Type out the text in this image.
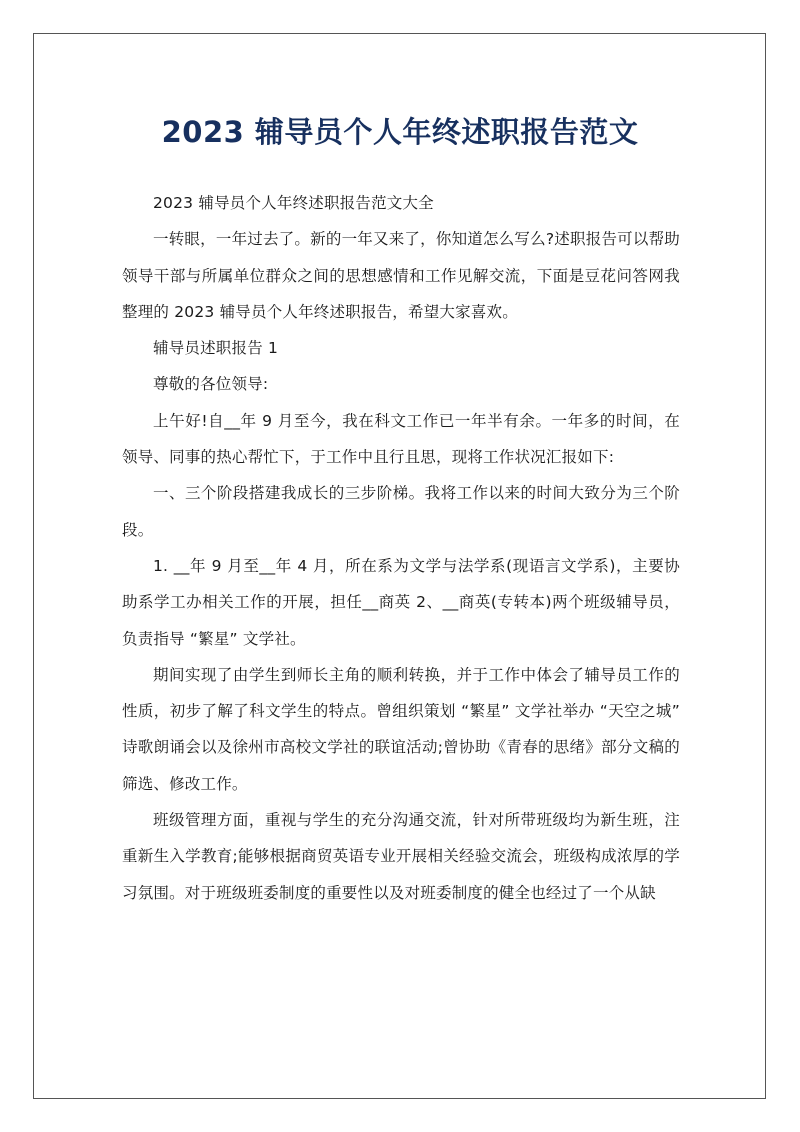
2023 辅导员个人年终述职报告范文

2023 辅导员个人年终述职报告范文大全

一转眼，一年过去了。新的一年又来了，你知道怎么写么?述职报告可以帮助领导干部与所属单位群众之间的思想感情和工作见解交流，下面是豆花问答网我整理的 2023 辅导员个人年终述职报告，希望大家喜欢。

辅导员述职报告 1

尊敬的各位领导:

上午好!自__年 9 月至今，我在科文工作已一年半有余。一年多的时间，在领导、同事的热心帮忙下，于工作中且行且思，现将工作状况汇报如下:

一、三个阶段搭建我成长的三步阶梯。我将工作以来的时间大致分为三个阶段。

1. __年 9 月至__年 4 月，所在系为文学与法学系(现语言文学系)，主要协助系学工办相关工作的开展，担任__商英 2、__商英(专转本)两个班级辅导员，负责指导 “繁星” 文学社。

期间实现了由学生到师长主角的顺利转换，并于工作中体会了辅导员工作的性质，初步了解了科文学生的特点。曾组织策划 “繁星” 文学社举办 “天空之城” 诗歌朗诵会以及徐州市高校文学社的联谊活动;曾协助《青春的思绪》部分文稿的筛选、修改工作。

班级管理方面，重视与学生的充分沟通交流，针对所带班级均为新生班，注重新生入学教育;能够根据商贸英语专业开展相关经验交流会，班级构成浓厚的学习氛围。对于班级班委制度的重要性以及对班委制度的健全也经过了一个从缺
